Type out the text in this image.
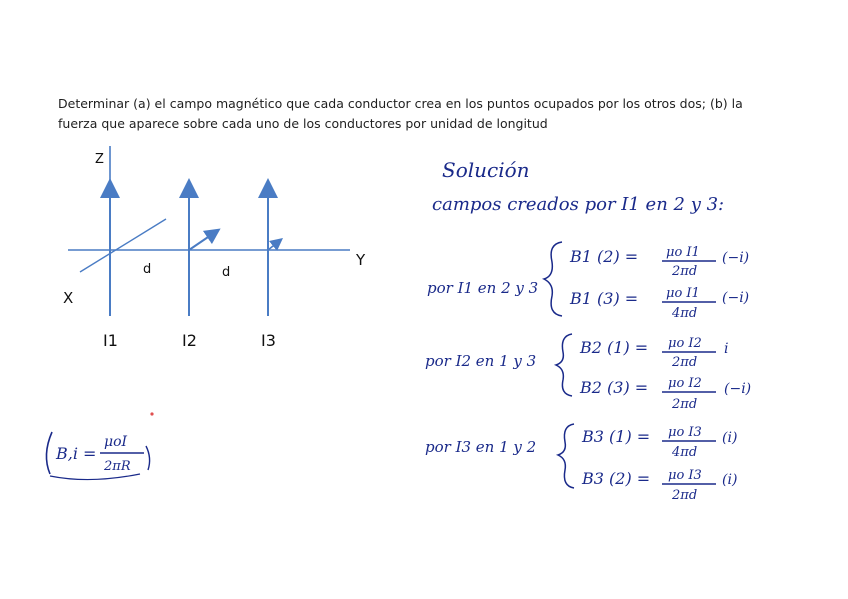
Determinar (a) el campo magnético que cada conductor crea en los puntos ocupados por los otros dos; (b) la
fuerza que aparece sobre cada uno de los conductores por unidad de longitud

Z
Y
X
d	d
I1	I2	I3
B,i =
μoI
2πR
Solución
campos creados por I1 en 2 y 3:
por I1 en 2 y 3
B1 (2) = μo I1
2πd
(−i)
B1 (3) = μo I1
4πd
(−i)
por I2 en 1 y 3
B2 (1) = μo I2
2πd
i
B2 (3) = μo I2
2πd
(−i)
por I3 en 1 y 2
B3 (1) = μo I3
4πd
(i)
B3 (2) = μo I3
2πd
(i)
